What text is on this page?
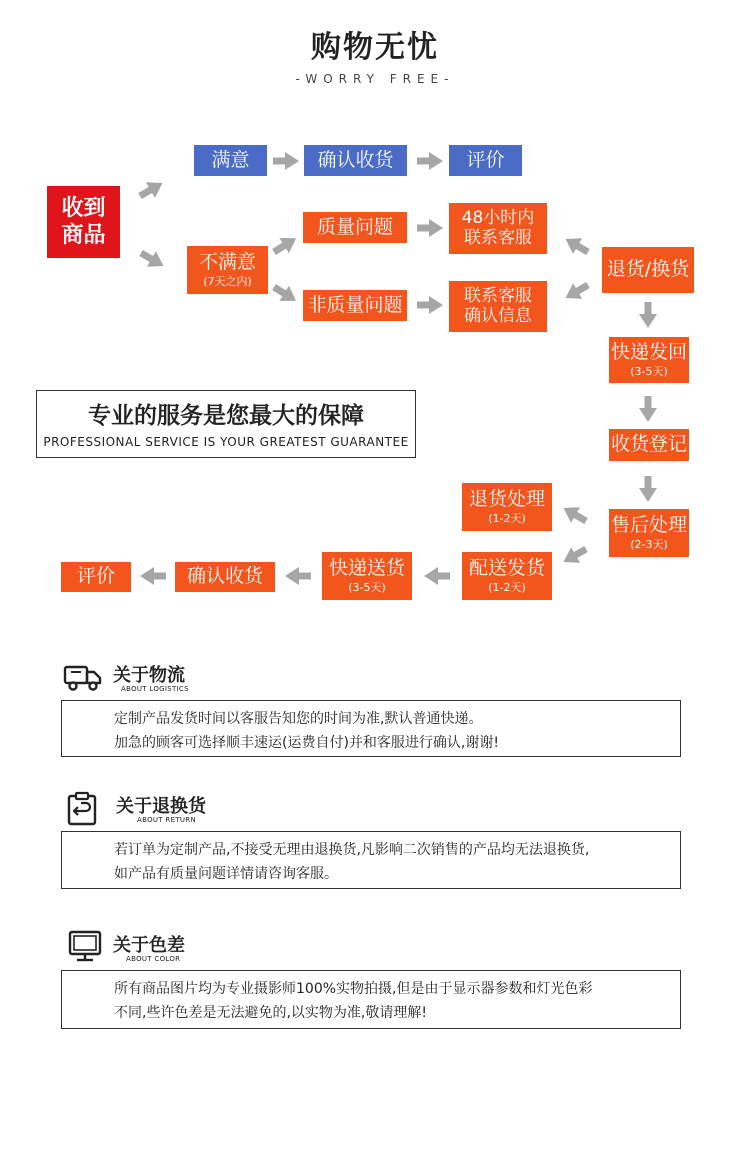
购物无忧
-WORRY FREE-
收到
商品
满意	确认收货	评价
不满意
(7天之内)
质量问题
非质量问题
48小时内
联系客服
联系客服
确认信息
退货/换货
快递发回
(3-5天)
收货登记
售后处理
(2-3天)
退货处理
(1-2天)
配送发货
(1-2天)
快递送货
(3-5天)
确认收货
评价
专业的服务是您最大的保障
PROFESSIONAL SERVICE IS YOUR GREATEST GUARANTEE
关于物流
ABOUT LOGISTICS

定制产品发货时间以客服告知您的时间为准,默认普通快递。

加急的顾客可选择顺丰速运(运费自付)并和客服进行确认,谢谢!

关于退换货
ABOUT RETURN

若订单为定制产品,不接受无理由退换货,凡影响二次销售的产品均无法退换货,

如产品有质量问题详情请咨询客服。

关于色差
ABOUT COLOR

所有商品图片均为专业摄影师100%实物拍摄,但是由于显示器参数和灯光色彩

不同,些许色差是无法避免的,以实物为准,敬请理解!
